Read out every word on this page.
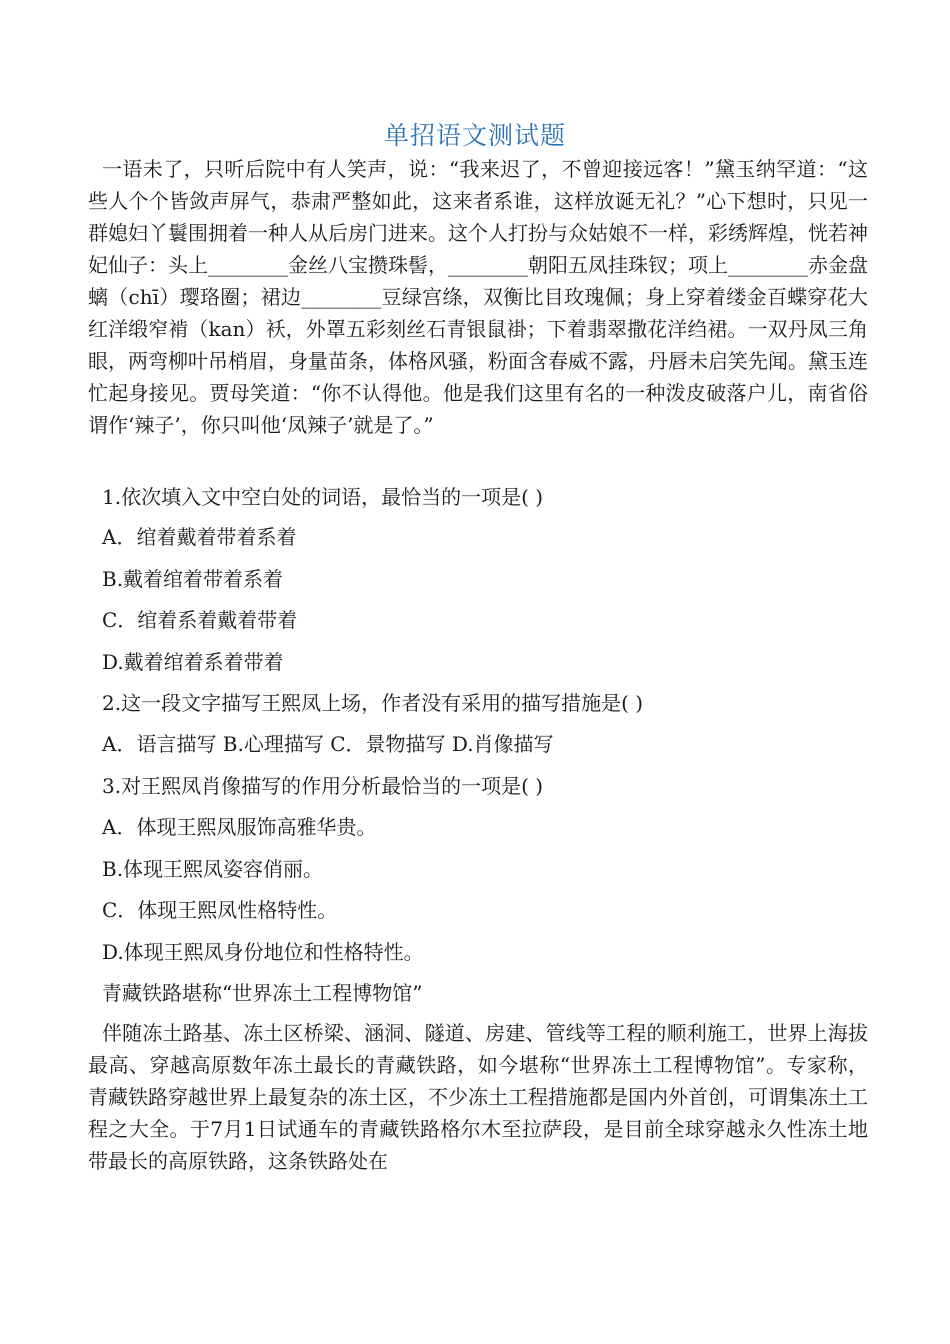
单招语文测试题
一语未了，只听后院中有人笑声，说：“我来迟了，不曾迎接远客！”黛玉纳罕道：“这些人个个皆敛声屏气，恭肃严整如此，这来者系谁，这样放诞无礼？”心下想时，只见一群媳妇丫鬟围拥着一种人从后房门进来。这个人打扮与众姑娘不一样，彩绣辉煌，恍若神妃仙子：头上________金丝八宝攒珠髻，________朝阳五凤挂珠钗；项上________赤金盘螭（chī）璎珞圈；裙边________豆绿宫绦，双衡比目玫瑰佩；身上穿着缕金百蝶穿花大红洋缎窄褃（kan）袄，外罩五彩刻丝石青银鼠褂；下着翡翠撒花洋绉裙。一双丹凤三角眼，两弯柳叶吊梢眉，身量苗条，体格风骚，粉面含春威不露，丹唇未启笑先闻。黛玉连忙起身接见。贾母笑道：“你不认得他。他是我们这里有名的一种泼皮破落户儿，南省俗谓作‘辣子’，你只叫他‘凤辣子’就是了。”
1.依次填入文中空白处的词语，最恰当的一项是( )
A．绾着戴着带着系着
B.戴着绾着带着系着
C．绾着系着戴着带着
D.戴着绾着系着带着
2.这一段文字描写王熙凤上场，作者没有采用的描写措施是( )
A．语言描写 B.心理描写 C．景物描写 D.肖像描写
3.对王熙凤肖像描写的作用分析最恰当的一项是( )
A．体现王熙凤服饰高雅华贵。
B.体现王熙凤姿容俏丽。
C．体现王熙凤性格特性。
D.体现王熙凤身份地位和性格特性。
青藏铁路堪称“世界冻土工程博物馆”
伴随冻土路基、冻土区桥梁、涵洞、隧道、房建、管线等工程的顺利施工，世界上海拔最高、穿越高原数年冻土最长的青藏铁路，如今堪称“世界冻土工程博物馆”。专家称，青藏铁路穿越世界上最复杂的冻土区，不少冻土工程措施都是国内外首创，可谓集冻土工程之大全。于7月1日试通车的青藏铁路格尔木至拉萨段，是目前全球穿越永久性冻土地带最长的高原铁路，这条铁路处在
